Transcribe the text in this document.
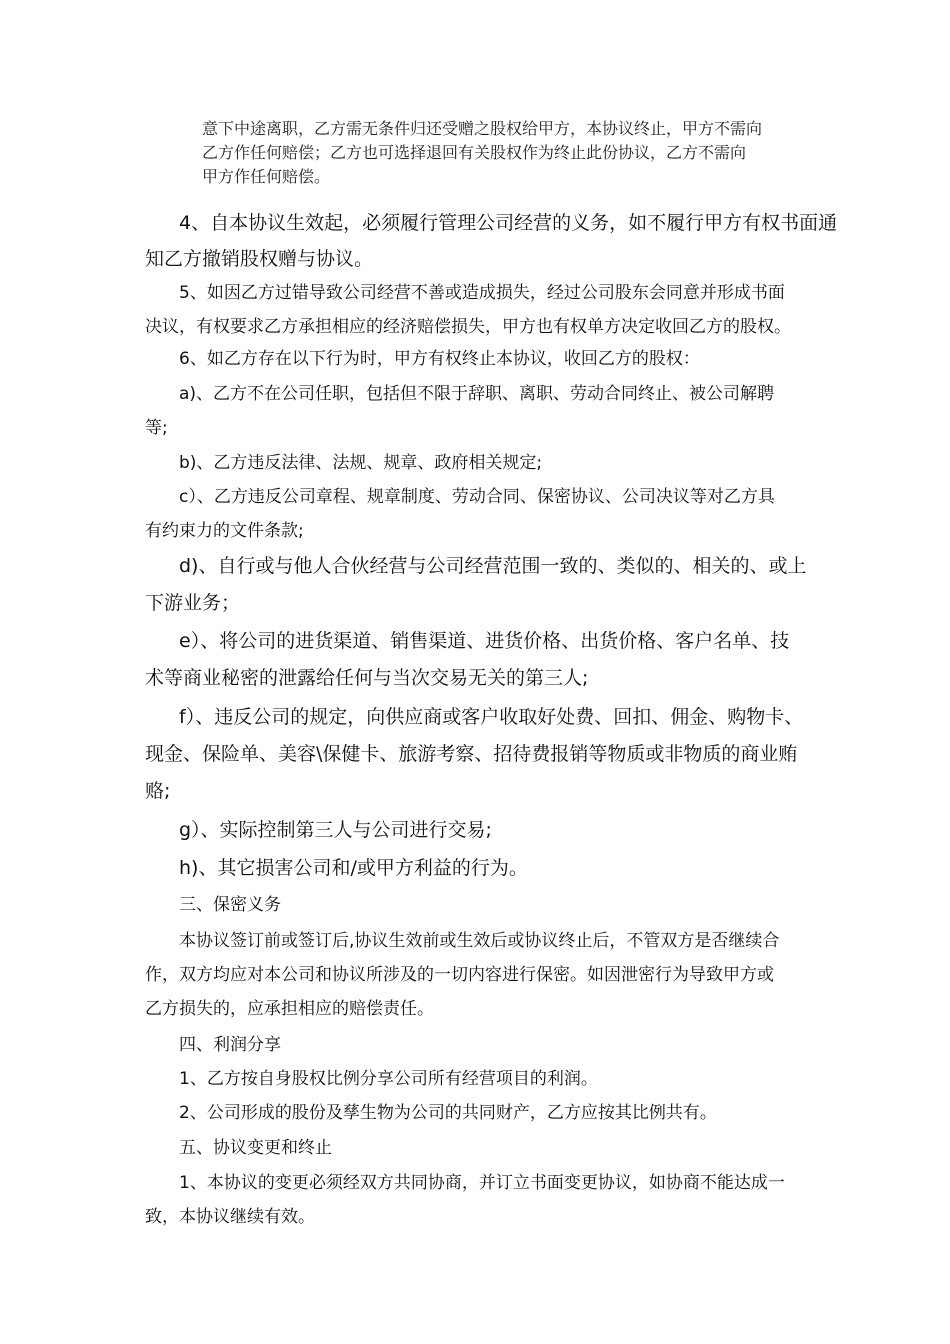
意下中途离职，乙方需无条件归还受赠之股权给甲方，本协议终止，甲方不需向

乙方作任何赔偿；乙方也可选择退回有关股权作为终止此份协议，乙方不需向

甲方作任何赔偿。

4、自本协议生效起，必须履行管理公司经营的义务，如不履行甲方有权书面通
知乙方撤销股权赠与协议。
5、如因乙方过错导致公司经营不善或造成损失，经过公司股东会同意并形成书面
决议，有权要求乙方承担相应的经济赔偿损失，甲方也有权单方决定收回乙方的股权。
6、如乙方存在以下行为时，甲方有权终止本协议，收回乙方的股权：
a)、乙方不在公司任职，包括但不限于辞职、离职、劳动合同终止、被公司解聘
等;
b)、乙方违反法律、法规、规章、政府相关规定;
c）、乙方违反公司章程、规章制度、劳动合同、保密协议、公司决议等对乙方具
有约束力的文件条款;
d)、自行或与他人合伙经营与公司经营范围一致的、类似的、相关的、或上
下游业务；
e）、将公司的进货渠道、销售渠道、进货价格、出货价格、客户名单、技
术等商业秘密的泄露给任何与当次交易无关的第三人;
f）、违反公司的规定，向供应商或客户收取好处费、回扣、佣金、购物卡、
现金、保险单、美容\保健卡、旅游考察、招待费报销等物质或非物质的商业贿
赂;
g）、实际控制第三人与公司进行交易;
h)、其它损害公司和/或甲方利益的行为。
三、保密义务
本协议签订前或签订后,协议生效前或生效后或协议终止后，不管双方是否继续合
作，双方均应对本公司和协议所涉及的一切内容进行保密。如因泄密行为导致甲方或
乙方损失的，应承担相应的赔偿责任。
四、利润分享
1、乙方按自身股权比例分享公司所有经营项目的利润。
2、公司形成的股份及孳生物为公司的共同财产，乙方应按其比例共有。
五、协议变更和终止
1、本协议的变更必须经双方共同协商，并订立书面变更协议，如协商不能达成一
致，本协议继续有效。
